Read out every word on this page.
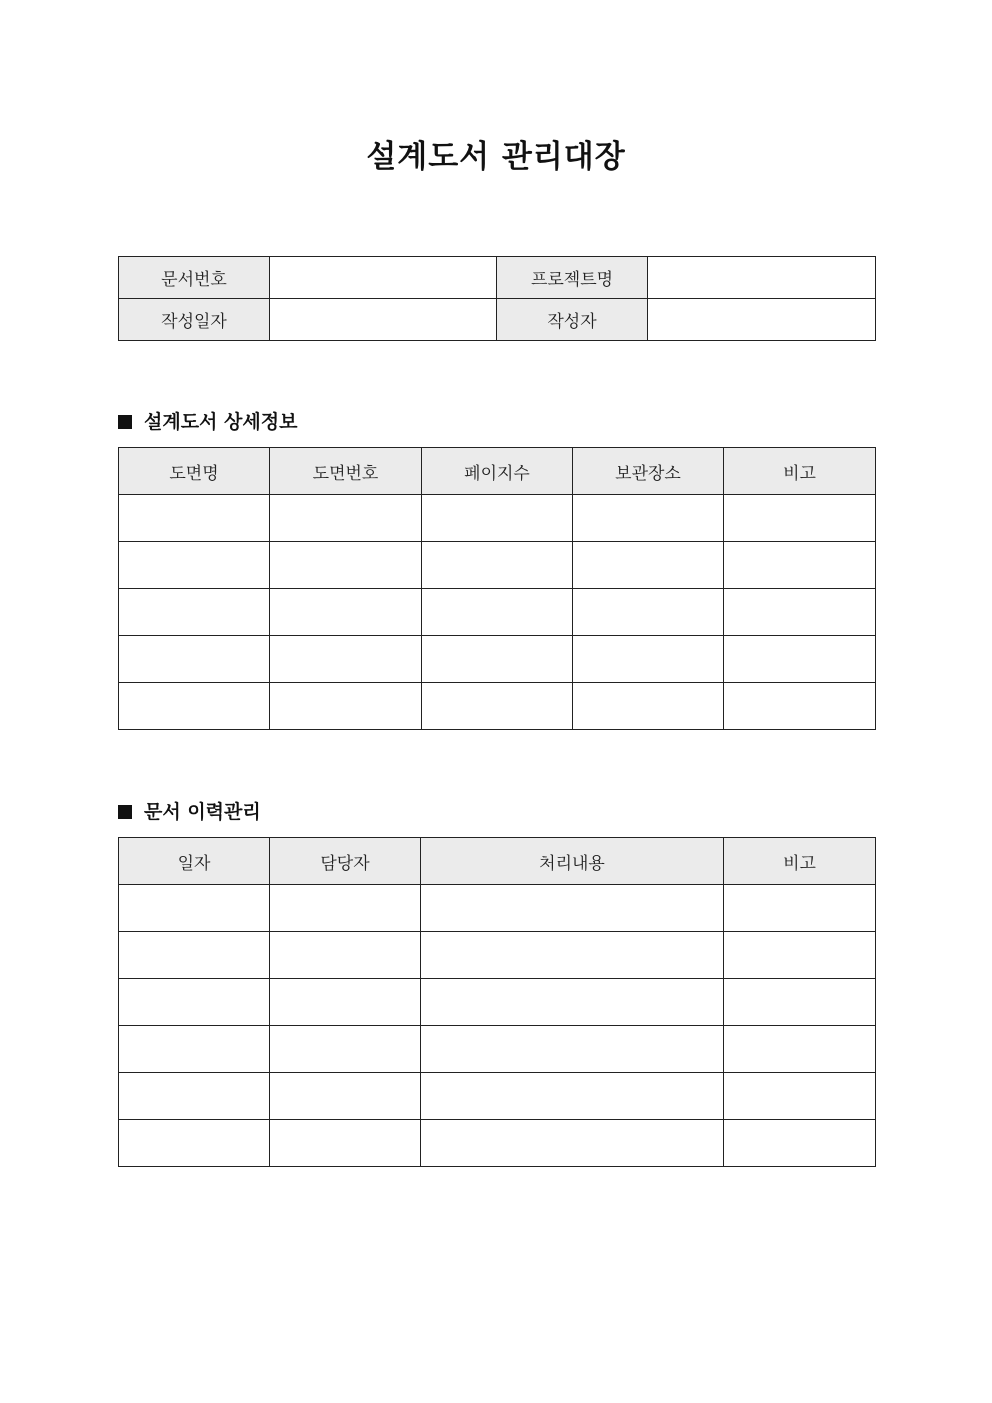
설계도서 관리대장
문서번호		프로젝트명	
작성일자		작성자	
설계도서 상세정보
도면명	도면번호	페이지수	보관장소	비고

문서 이력관리
일자	담당자	처리내용	비고
